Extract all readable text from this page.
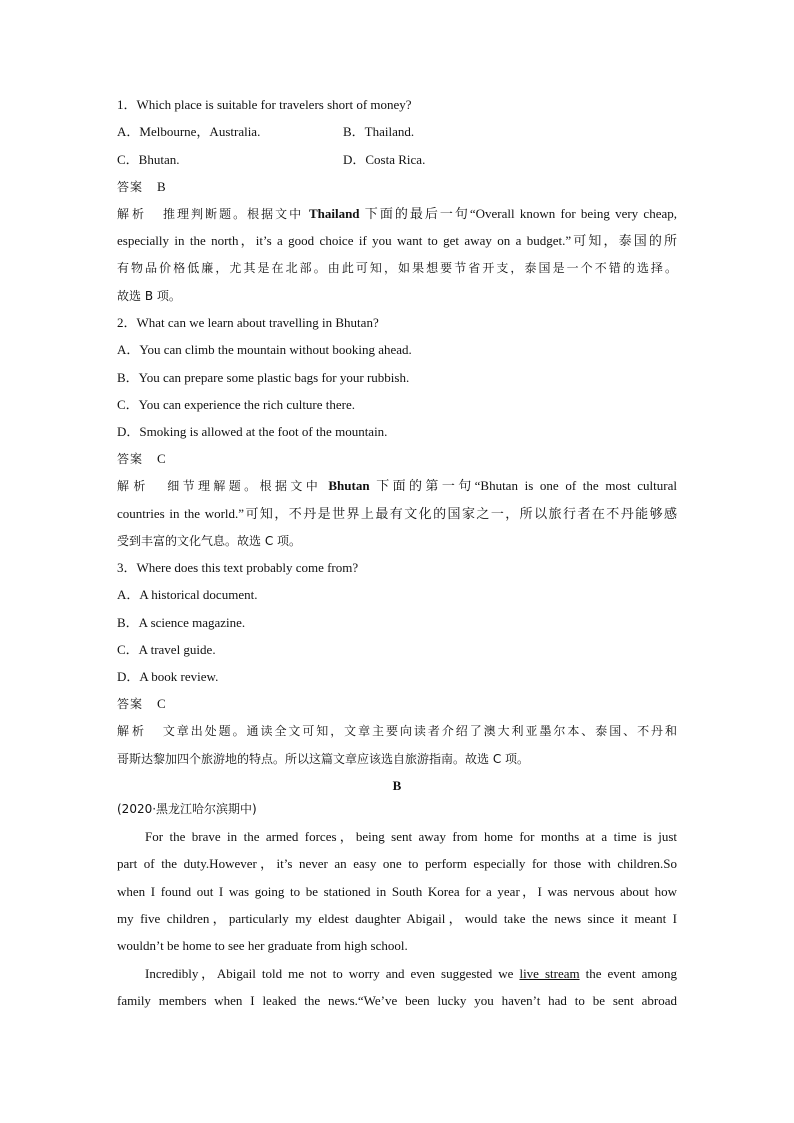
1．Which place is suitable for travelers short of money?
A．Melbourne，Australia.	B．Thailand.
C．Bhutan.	D．Costa Rica.
答案 B
解析 推理判断题。根据文中 Thailand 下面的最后一句“Overall known for being very cheap,
especially in the north，it’s a good choice if you want to get away on a budget.”可知，泰国的所
有物品价格低廉，尤其是在北部。由此可知，如果想要节省开支，泰国是一个不错的选择。
故选 B 项。
2．What can we learn about travelling in Bhutan?
A．You can climb the mountain without booking ahead.
B．You can prepare some plastic bags for your rubbish.
C．You can experience the rich culture there.
D．Smoking is allowed at the foot of the mountain.
答案 C
解析 细节理解题。根据文中 Bhutan 下面的第一句“Bhutan is one of the most cultural
countries in the world.”可知，不丹是世界上最有文化的国家之一，所以旅行者在不丹能够感
受到丰富的文化气息。故选 C 项。
3．Where does this text probably come from?
A．A historical document.
B．A science magazine.
C．A travel guide.
D．A book review.
答案 C
解析 文章出处题。通读全文可知，文章主要向读者介绍了澳大利亚墨尔本、泰国、不丹和
哥斯达黎加四个旅游地的特点。所以这篇文章应该选自旅游指南。故选 C 项。
B
(2020·黑龙江哈尔滨期中)
For the brave in the armed forces，being sent away from home for months at a time is just
part of the duty.However，it’s never an easy one to perform especially for those with children.So
when I found out I was going to be stationed in South Korea for a year，I was nervous about how
my five children，particularly my eldest daughter Abigail，would take the news since it meant I
wouldn’t be home to see her graduate from high school.
Incredibly，Abigail told me not to worry and even suggested we live stream the event among
family members when I leaked the news.“We’ve been lucky you haven’t had to be sent abroad
